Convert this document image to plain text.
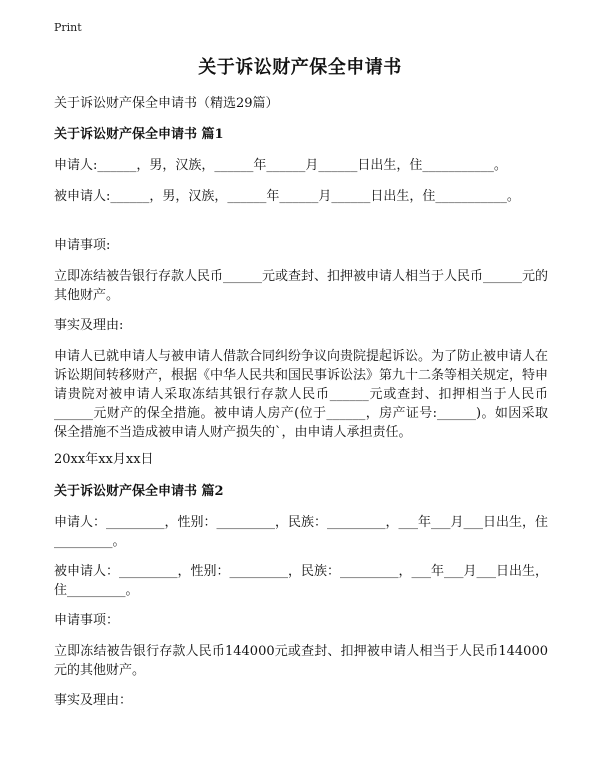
Print
关于诉讼财产保全申请书

关于诉讼财产保全申请书（精选29篇）

关于诉讼财产保全申请书 篇1

申请人:______，男，汉族，______年______月______日出生，住___________。

被申请人:______，男，汉族，______年______月______日出生，住___________。

申请事项:

立即冻结被告银行存款人民币______元或查封、扣押被申请人相当于人民币______元的其他财产。

事实及理由:

申请人已就申请人与被申请人借款合同纠纷争议向贵院提起诉讼。为了防止被申请人在诉讼期间转移财产，根据《中华人民共和国民事诉讼法》第九十二条等相关规定，特申请贵院对被申请人采取冻结其银行存款人民币______元或查封、扣押相当于人民币______元财产的保全措施。被申请人房产(位于______，房产证号:______)。如因采取保全措施不当造成被申请人财产损失的`，由申请人承担责任。

20xx年xx月xx日

关于诉讼财产保全申请书 篇2

申请人：_________，性别：_________，民族：_________，___年___月___日出生，住_________。

被申请人：_________，性别：_________，民族：_________，___年___月___日出生，住_________。

申请事项：

立即冻结被告银行存款人民币144000元或查封、扣押被申请人相当于人民币144000元的其他财产。

事实及理由：
